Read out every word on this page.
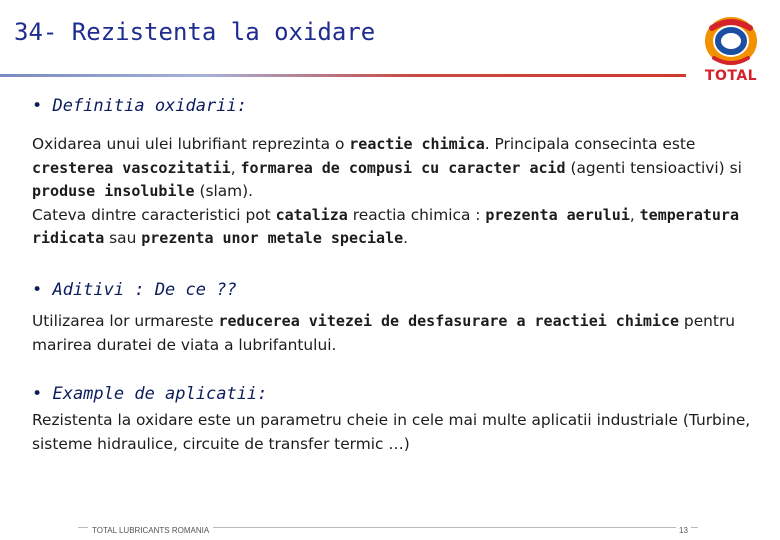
34- Rezistenta la oxidare
TOTAL
• Definitia oxidarii:

Oxidarea unui ulei lubrifiant reprezinta o reactie chimica. Principala consecinta este cresterea vascozitatii, formarea de compusi cu caracter acid (agenti tensioactivi) si produse insolubile (slam).
Cateva dintre caracteristici pot cataliza reactia chimica : prezenta aerului, temperatura ridicata sau prezenta unor metale speciale.

• Aditivi : De ce ??

Utilizarea lor urmareste reducerea vitezei de desfasurare a reactiei chimice pentru marirea duratei de viata a lubrifantului.

• Example de aplicatii:

Rezistenta la oxidare este un parametru cheie in cele mai multe aplicatii industriale (Turbine, sisteme hidraulice, circuite de transfer termic …)

TOTAL LUBRICANTS ROMANIA	13
